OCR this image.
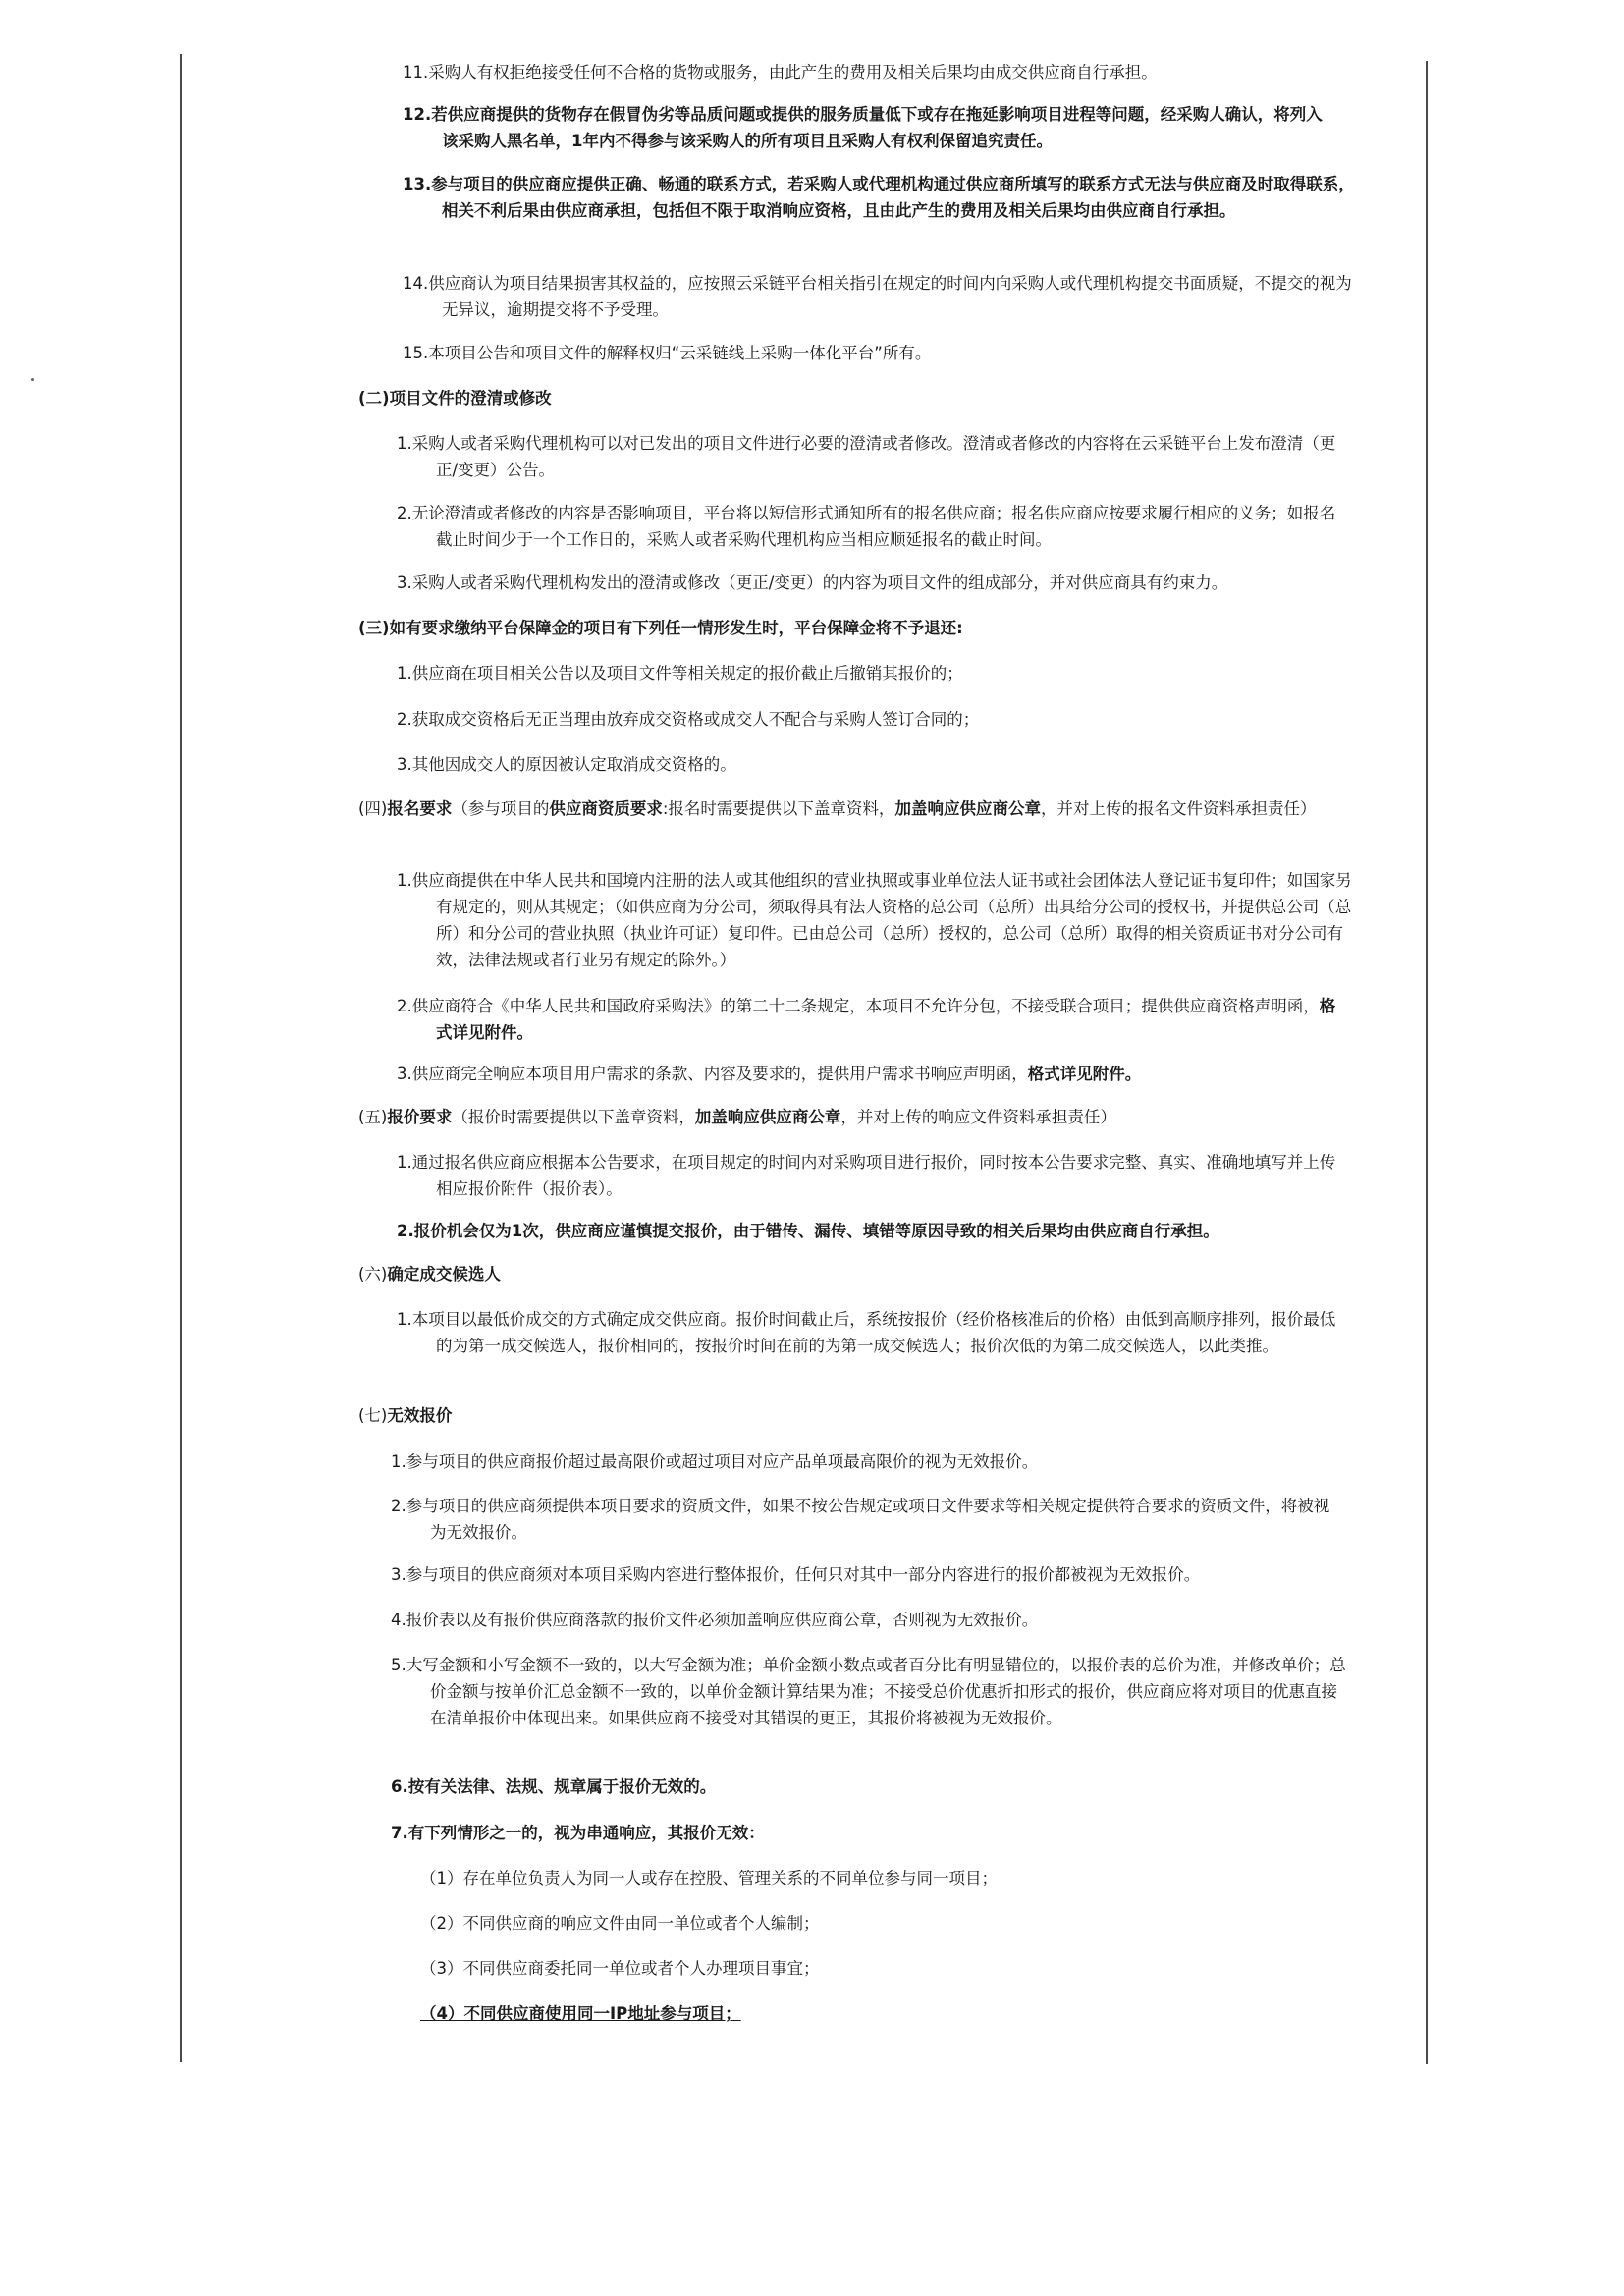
11.采购人有权拒绝接受任何不合格的货物或服务，由此产生的费用及相关后果均由成交供应商自行承担。

12.若供应商提供的货物存在假冒伪劣等品质问题或提供的服务质量低下或存在拖延影响项目进程等问题，经采购人确认，将列入该采购人黑名单，1年内不得参与该采购人的所有项目且采购人有权利保留追究责任。

13.参与项目的供应商应提供正确、畅通的联系方式，若采购人或代理机构通过供应商所填写的联系方式无法与供应商及时取得联系，相关不利后果由供应商承担，包括但不限于取消响应资格，且由此产生的费用及相关后果均由供应商自行承担。

14.供应商认为项目结果损害其权益的，应按照云采链平台相关指引在规定的时间内向采购人或代理机构提交书面质疑，不提交的视为无异议，逾期提交将不予受理。

15.本项目公告和项目文件的解释权归“云采链线上采购一体化平台”所有。

(二)项目文件的澄清或修改

1.采购人或者采购代理机构可以对已发出的项目文件进行必要的澄清或者修改。澄清或者修改的内容将在云采链平台上发布澄清（更正/变更）公告。

2.无论澄清或者修改的内容是否影响项目，平台将以短信形式通知所有的报名供应商；报名供应商应按要求履行相应的义务；如报名截止时间少于一个工作日的，采购人或者采购代理机构应当相应顺延报名的截止时间。

3.采购人或者采购代理机构发出的澄清或修改（更正/变更）的内容为项目文件的组成部分，并对供应商具有约束力。

(三)如有要求缴纳平台保障金的项目有下列任一情形发生时，平台保障金将不予退还:

1.供应商在项目相关公告以及项目文件等相关规定的报价截止后撤销其报价的；

2.获取成交资格后无正当理由放弃成交资格或成交人不配合与采购人签订合同的；

3.其他因成交人的原因被认定取消成交资格的。

(四)报名要求（参与项目的供应商资质要求:报名时需要提供以下盖章资料，加盖响应供应商公章，并对上传的报名文件资料承担责任）

1.供应商提供在中华人民共和国境内注册的法人或其他组织的营业执照或事业单位法人证书或社会团体法人登记证书复印件；如国家另有规定的，则从其规定；（如供应商为分公司，须取得具有法人资格的总公司（总所）出具给分公司的授权书，并提供总公司（总所）和分公司的营业执照（执业许可证）复印件。已由总公司（总所）授权的，总公司（总所）取得的相关资质证书对分公司有效，法律法规或者行业另有规定的除外。）

2.供应商符合《中华人民共和国政府采购法》的第二十二条规定，本项目不允许分包，不接受联合项目；提供供应商资格声明函，格式详见附件。

3.供应商完全响应本项目用户需求的条款、内容及要求的，提供用户需求书响应声明函，格式详见附件。

(五)报价要求（报价时需要提供以下盖章资料，加盖响应供应商公章，并对上传的响应文件资料承担责任）

1.通过报名供应商应根据本公告要求，在项目规定的时间内对采购项目进行报价，同时按本公告要求完整、真实、准确地填写并上传相应报价附件（报价表）。

2.报价机会仅为1次，供应商应谨慎提交报价，由于错传、漏传、填错等原因导致的相关后果均由供应商自行承担。

(六)确定成交候选人

1.本项目以最低价成交的方式确定成交供应商。报价时间截止后，系统按报价（经价格核准后的价格）由低到高顺序排列，报价最低的为第一成交候选人，报价相同的，按报价时间在前的为第一成交候选人；报价次低的为第二成交候选人，以此类推。

(七)无效报价

1.参与项目的供应商报价超过最高限价或超过项目对应产品单项最高限价的视为无效报价。

2.参与项目的供应商须提供本项目要求的资质文件，如果不按公告规定或项目文件要求等相关规定提供符合要求的资质文件，将被视为无效报价。

3.参与项目的供应商须对本项目采购内容进行整体报价，任何只对其中一部分内容进行的报价都被视为无效报价。

4.报价表以及有报价供应商落款的报价文件必须加盖响应供应商公章，否则视为无效报价。

5.大写金额和小写金额不一致的，以大写金额为准；单价金额小数点或者百分比有明显错位的，以报价表的总价为准，并修改单价；总价金额与按单价汇总金额不一致的，以单价金额计算结果为准；不接受总价优惠折扣形式的报价，供应商应将对项目的优惠直接在清单报价中体现出来。如果供应商不接受对其错误的更正，其报价将被视为无效报价。

6.按有关法律、法规、规章属于报价无效的。

7.有下列情形之一的，视为串通响应，其报价无效：

（1）存在单位负责人为同一人或存在控股、管理关系的不同单位参与同一项目；

（2）不同供应商的响应文件由同一单位或者个人编制；

（3）不同供应商委托同一单位或者个人办理项目事宜；

（4）不同供应商使用同一IP地址参与项目；
